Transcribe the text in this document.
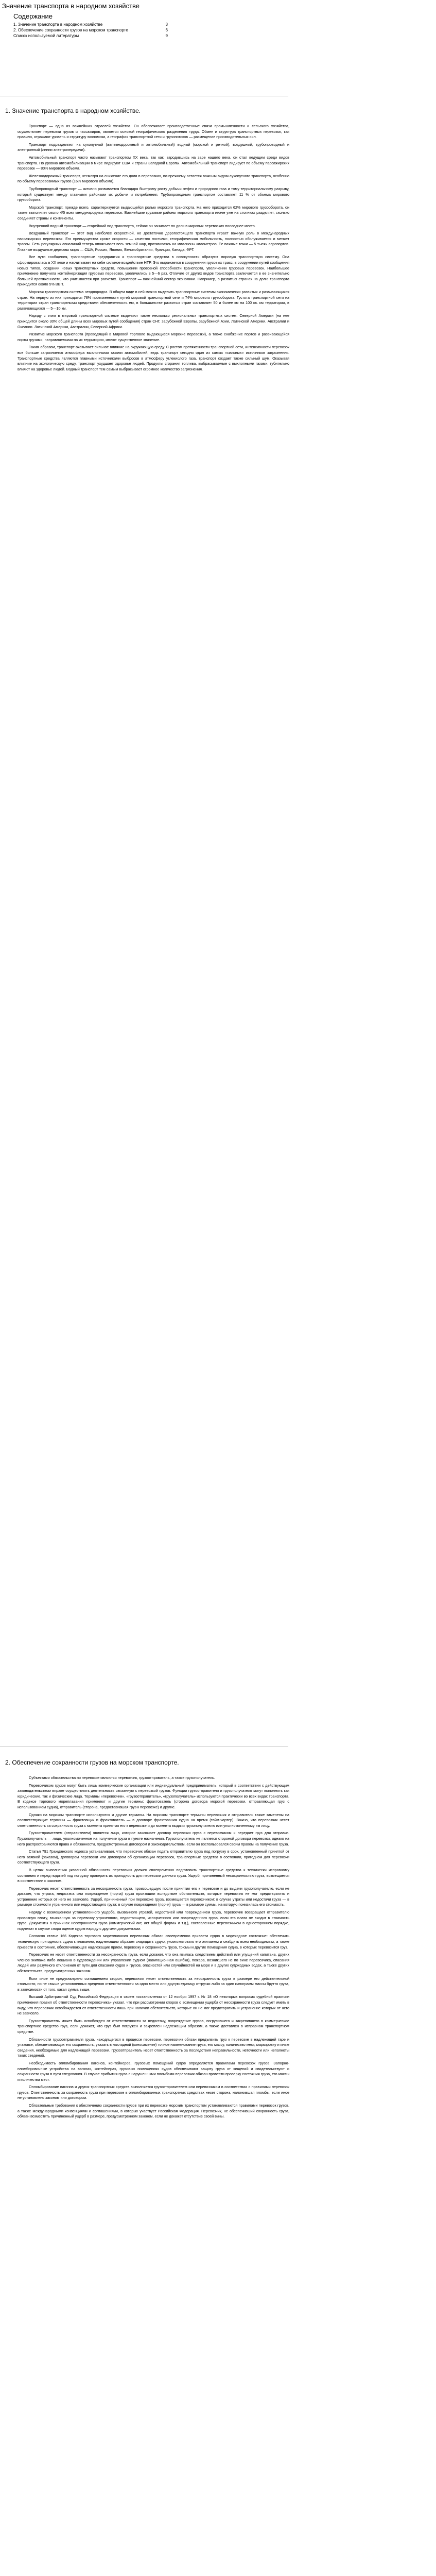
Значение транспорта в народном хозяйстве
Содержание
1. Значение транспорта в народном хозяйстве	3
2. Обеспечение сохранности грузов на морском транспорте	6
Список используемой литературы	9
1. Значение транспорта в народном хозяйстве.

Транспорт — одна из важнейших отраслей хозяйства. Он обеспечивает производственные связи промышленности и сельского хозяйства, осуществляет перевозки грузов и пассажиров, является основой географического разделения труда. Обмен и структура транспортных перевозок, как правило, отражают уровень и структуру экономики, а география транспортной сети и грузопотоков — размещение производительных сил.

Транспорт подразделяют на сухопутный (железнодорожный и автомобильный) водный (морской и речной), воздушный, трубопроводный и электронный (линии электропередачи).

Автомобильный транспорт часто называют транспортом XX века, так как, зародившись на заре нашего века, он стал ведущим среди видов транспорта. По уровню автомобилизации в мире лидируют США и страны Западной Европы. Автомобильный транспорт лидирует по объему пассажирских перевозок — 80% мирового объема.

Железнодорожный транспорт, несмотря на снижение его доли в перевозках, по-прежнему остается важным видом сухопутного транспорта, особенно по объему перевозимых грузов (16% мирового объема).

Трубопроводный транспорт — активно развивается благодаря быстрому росту добычи нефти и природного газа и тому территориальному разрыву, который существует между главными районами их добычи и потребления. Трубопроводным транспортом составляет 11 % от объема мирового грузооборота.

Морской транспорт, прежде всего, характеризуется выдающейся ролью морского транспорта. На него приходится 62% мирового грузооборота, он также выполняет около 4/5 всех международных перевозок. Важнейшие грузовые районы морского транспорта иначе уже на стоянках разделяет, сколько соединяет страны и континенты.

Внутренний водный транспорт — старейший вид транспорта, сейчас он занимает по доли в мировых перевозках последнее место.

Воздушный транспорт — этот вид наиболее скоростной, но достаточно дорогостоящего транспорта играет важную роль в международных пассажирских перевозках. Его преимущества кроме скорости — качество постилки, географическая мобильность, полностью обслуживается и меняет трассы. Сеть регулярных авиалиний теперь опоясывает весь земной шар, протягиваясь на миллионы километров. Ее важные точки — 5 тысяч аэропортов. Главные воздушные державы мира — США, Россия, Япония, Великобритания, Франция, Канада, ФРГ.

Все пути сообщения, транспортные предприятия и транспортные средства в совокупности образуют мировую транспортную систему. Она сформировалась в XX веке и насчитывает на себе сильное воздействие НТР. Это выражается в сооружении грузовых трасс, в сооружении путей сообщения новых типов, создании новых транспортных средств, повышении провозной способности транспорта, увеличении грузовых перевозок. Наибольшее применение получила контейнеризация грузовых перевозок, увеличились в 5—6 раз. Отличие от других видов транспорта заключается в ее значительно большей протяженности, что учитывается при расчетах. Транспорт — важнейший сектор экономики. Например, в развитых странах на долю транспорта приходится около 5% ВВП.

Морская транспортная система неоднородна. В общем виде в ней можно выделить транспортные системы экономически развитых и развивающихся стран. На первую из них приходится 78% протяженности путей мировой транспортной сети и 74% мирового грузооборота. Густота транспортной сети на территории стран транспортными средствами обеспеченность ею, в большинстве развитых стран составляет 50 и более км на 100 кв. км территории, в развивающихся — 5—10 км.

Наряду с этим в мировой транспортной системе выделяют также несколько региональных транспортных систем. Северной Америки (на нее приходится около 30% общей длины всех мировых путей сообщения) стран СНГ, зарубежной Европы, зарубежной Азии, Латинской Америки, Австралии и Океании. Латинской Америки, Австралии, Северной Африки.

Развитие морского транспорта (проводящий в Мировой торговле выдающиеся морские перевозки), а также снабжение портов и развивающейся порты грузами, направляемыми на их территории, имеют существенное значение.

Таким образом, транспорт оказывает сильное влияние на окружающую среду. С ростом протяженности транспортной сети, интенсивности перевозок все больше загрязняется атмосфера выхлопными газами автомобилей, ведь транспорт сегодня один из самых «сильных» источников загрязнения. Транспортные средства являются главными источниками выбросов в атмосферу углекислого газа, транспорт создает также сильный шум. Оказывая влияние на экологическую среду, транспорт ухудшает здоровье людей. Продукты сгорания топлива, выбрасываемые с выхлопными газами, губительно влияют на здоровье людей. Водный транспорт тем самым выбрасывает огромное количество загрязнения.

2. Обеспечение сохранности грузов на морском транспорте.

Субъектами обязательства по перевозке являются перевозчик, грузоотправитель, а также грузополучатель.

Перевозчиком грузов могут быть лишь коммерческие организации или индивидуальный предприниматель, который в соответствии с действующим законодательством вправе осуществлять деятельность связанную с перевозкой грузов. Функции грузоотправителя и грузополучателя могут выполнять как юридические, так и физические лица. Термины «перевозчик», «грузоотправитель», «грузополучатель» используются практически во всех видах транспорта. В кодексе торгового мореплавания применяют и другие термины: фрахтователь (сторона договора морской перевозки, отправляющая груз с использованием судна), отправитель (сторона, предоставившая груз к перевозке) и другие.

Однако на морском транспорте используются и другие термины. На морском транспорте термины перевозчик и отправитель также заменены на соответствующие термины — фрахтовщик и фрахтователь — в договоре фрахтования судна на время (тайм-чартер). Важно, что перевозчик несет ответственность за сохранность груза с момента принятия его к перевозке и до момента выдачи грузополучателю или уполномоченному им лицу.

Грузоотправителем (отправителем) является лицо, которое заключает договор перевозки груза с перевозчиком и передает груз для отправки. Грузополучатель — лицо, уполномоченное на получение груза в пункте назначения. Грузополучатель не является стороной договора перевозки, однако на него распространяются права и обязанности, предусмотренные договором и законодательством, если он воспользовался своим правом на получение груза.

Статья 791 Гражданского кодекса устанавливает, что перевозчик обязан подать отправителю груза под погрузку в срок, установленный принятой от него заявкой (заказом), договором перевозки или договором об организации перевозок, транспортные средства в состоянии, пригодном для перевозки соответствующего груза.

В целях выполнения указанной обязанности перевозчик должен своевременно подготовить транспортные средства к технически исправному состоянию и перед подачей под погрузку проверить их пригодность для перевозки данного груза. Ущерб, причиненный несохранностью груза, возмещается в соответствии с законом.

Перевозчик несет ответственность за несохранность груза, произошедшую после принятия его к перевозке и до выдачи грузополучателю, если не докажет, что утрата, недостача или повреждение (порча) груза произошли вследствие обстоятельств, которые перевозчик не мог предотвратить и устранение которых от него не зависело. Ущерб, причиненный при перевозке груза, возмещается перевозчиком: в случае утраты или недостачи груза — в размере стоимости утраченного или недостающего груза; в случае повреждения (порчи) груза — в размере суммы, на которую понизилась его стоимость.

Наряду с возмещением установленного ущерба, вызванного утратой, недостачей или повреждением груза, перевозчик возвращает отправителю провозную плату, взысканную за перевозку утраченного, недостающего, испорченного или поврежденного груза, если эта плата не входит в стоимость груза. Документы о причинах несохранности груза (коммерческий акт, акт общей формы и т.д.), составленные перевозчиком в одностороннем порядке, подлежат в случае спора оценке судом наряду с другими документами.

Согласно статье 166 Кодекса торгового мореплавания перевозчик обязан своевременно привести судно в мореходное состояние: обеспечить техническую пригодность судна к плаванию, надлежащим образом снарядить судно, укомплектовать его экипажем и снабдить всем необходимым, а также привести в состояние, обеспечивающее надлежащие прием, перевозку и сохранность груза, трюмы и другие помещения судна, в которых перевозится груз.

Перевозчик не несет ответственности за несохранность груза, если докажет, что она явилась следствием действий или упущений капитана, других членов экипажа либо лоцмана в судовождении или управлении судном (навигационная ошибка), пожара, возникшего не по вине перевозчика, спасания людей или разумного отклонения от пути для спасания судов и грузов, опасностей или случайностей на море и в других судоходных водах, а также других обстоятельств, предусмотренных законом.

Если иное не предусмотрено соглашением сторон, перевозчик несет ответственность за несохранность груза в размере его действительной стоимости, но не свыше установленных пределов ответственности за одно место или другую единицу отгрузки либо за один килограмм массы брутто груза, в зависимости от того, какая сумма выше.

Высший Арбитражный Суд Российской Федерации в своем постановлении от 12 ноября 1997 г. № 18 «О некоторых вопросах судебной практики применения правил об ответственности перевозчика» указал, что при рассмотрении споров о возмещении ущерба от несохранности груза следует иметь в виду, что перевозчик освобождается от ответственности лишь при наличии обстоятельств, которые он не мог предотвратить и устранение которых от него не зависело.

Грузоотправитель может быть освобожден от ответственности за недостачу, повреждение грузов, погрузившего и закрепившего в коммерческое транспортное средство груз, если докажет, что груз был погружен и закреплен надлежащим образом, а также доставлен в исправном транспортном средстве.

Обязанности грузоотправителя груза, находящегося в процессе перевозки, перевозчик обязан предъявить груз к перевозке в надлежащей таре и упаковке, обеспечивающих его сохранность, указать в накладной (коносаменте) точное наименование груза, его массу, количество мест, маркировку и иные сведения, необходимые для надлежащей перевозки. Грузоотправитель несет ответственность за последствия неправильности, неточности или неполноты таких сведений.

Необходимость опломбирования вагонов, контейнеров, грузовых помещений судов определяется правилами перевозок грузов. Запорно-пломбировочные устройства на вагонах, контейнерах, грузовых помещениях судов обеспечивают защиту груза от хищений и свидетельствуют о сохранности груза в пути следования. В случае прибытия груза с нарушенными пломбами перевозчик обязан провести проверку состояния груза, его массы и количества мест.

Опломбирование вагонов и других транспортных средств выполняется грузоотправителем или перевозчиком в соответствии с правилами перевозок грузов. Ответственность за сохранность груза при перевозке в опломбированных транспортных средствах несет сторона, наложившая пломбы, если иное не установлено законом или договором.

Обязательные требования к обеспечению сохранности грузов при их перевозке морским транспортом устанавливаются правилами перевозок грузов, а также международными конвенциями и соглашениями, в которых участвует Российская Федерация. Перевозчик, не обеспечивший сохранность груза, обязан возместить причиненный ущерб в размере, предусмотренном законом, если не докажет отсутствие своей вины.
